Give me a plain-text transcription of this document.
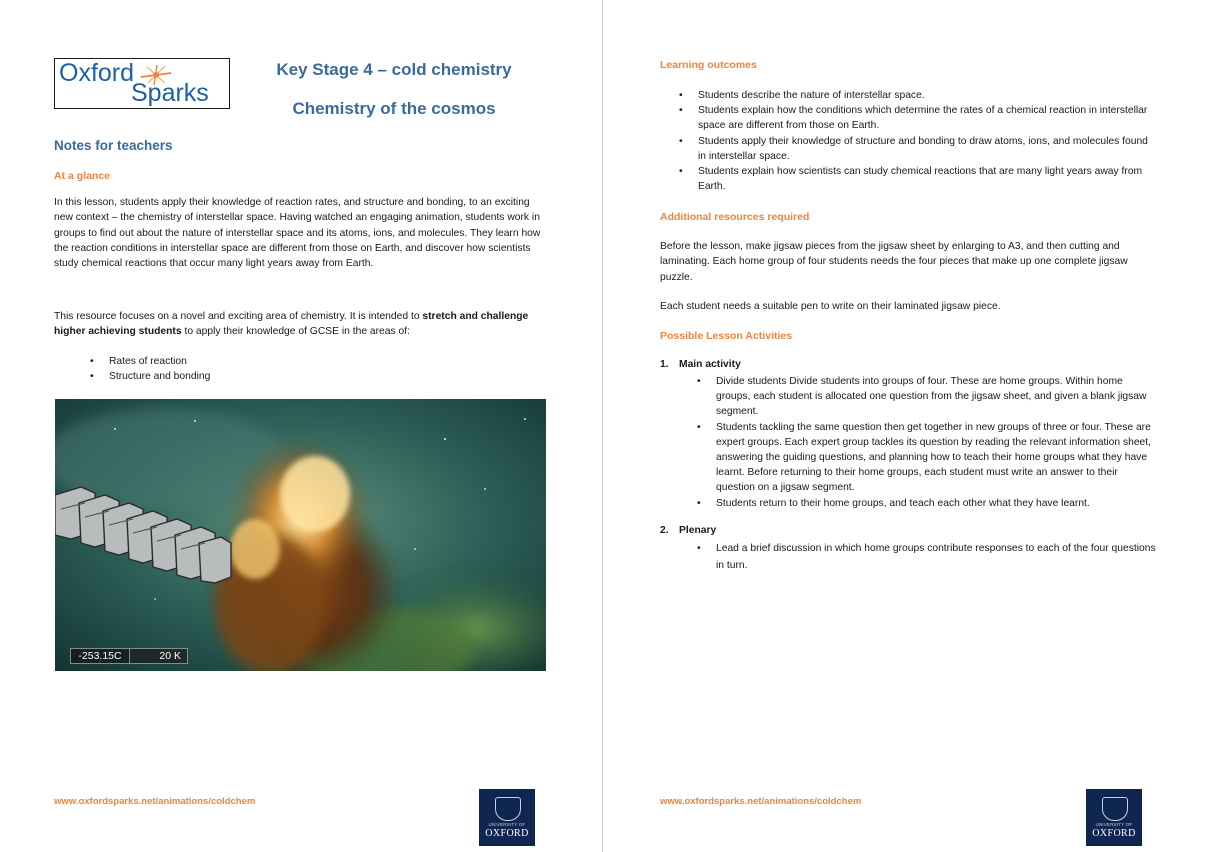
Oxford
Sparks
Key Stage 4 – cold chemistry
Chemistry of the cosmos
Notes for teachers
At a glance
In this lesson, students apply their knowledge of reaction rates, and structure and bonding, to an exciting new context – the chemistry of interstellar space. Having watched an engaging animation, students work in groups to find out about the nature of interstellar space and its atoms, ions, and molecules. They learn how the reaction conditions in interstellar space are different from those on Earth, and discover how scientists study chemical reactions that occur many light years away from Earth.
This resource focuses on a novel and exciting area of chemistry. It is intended to stretch and challenge higher achieving students to apply their knowledge of GCSE in the areas of:
• Rates of reaction
• Structure and bonding
-253.15C	20 K
www.oxfordsparks.net/animations/coldchem
UNIVERSITY OF
OXFORD
Learning outcomes
• Students describe the nature of interstellar space.
• Students explain how the conditions which determine the rates of a chemical reaction in interstellar space are different from those on Earth.
• Students apply their knowledge of structure and bonding to draw atoms, ions, and molecules found in interstellar space.
• Students explain how scientists can study chemical reactions that are many light years away from Earth.
Additional resources required
Before the lesson, make jigsaw pieces from the jigsaw sheet by enlarging to A3, and then cutting and laminating. Each home group of four students needs the four pieces that make up one complete jigsaw puzzle.
Each student needs a suitable pen to write on their laminated jigsaw piece.
Possible Lesson Activities
1. Main activity
• Divide students Divide students into groups of four. These are home groups. Within home groups, each student is allocated one question from the jigsaw sheet, and given a blank jigsaw segment.
• Students tackling the same question then get together in new groups of three or four. These are expert groups. Each expert group tackles its question by reading the relevant information sheet, answering the guiding questions, and planning how to teach their home groups what they have learnt. Before returning to their home groups, each student must write an answer to their question on a jigsaw segment.
• Students return to their home groups, and teach each other what they have learnt.
2. Plenary
• Lead a brief discussion in which home groups contribute responses to each of the four questions in turn.
www.oxfordsparks.net/animations/coldchem
UNIVERSITY OF
OXFORD
